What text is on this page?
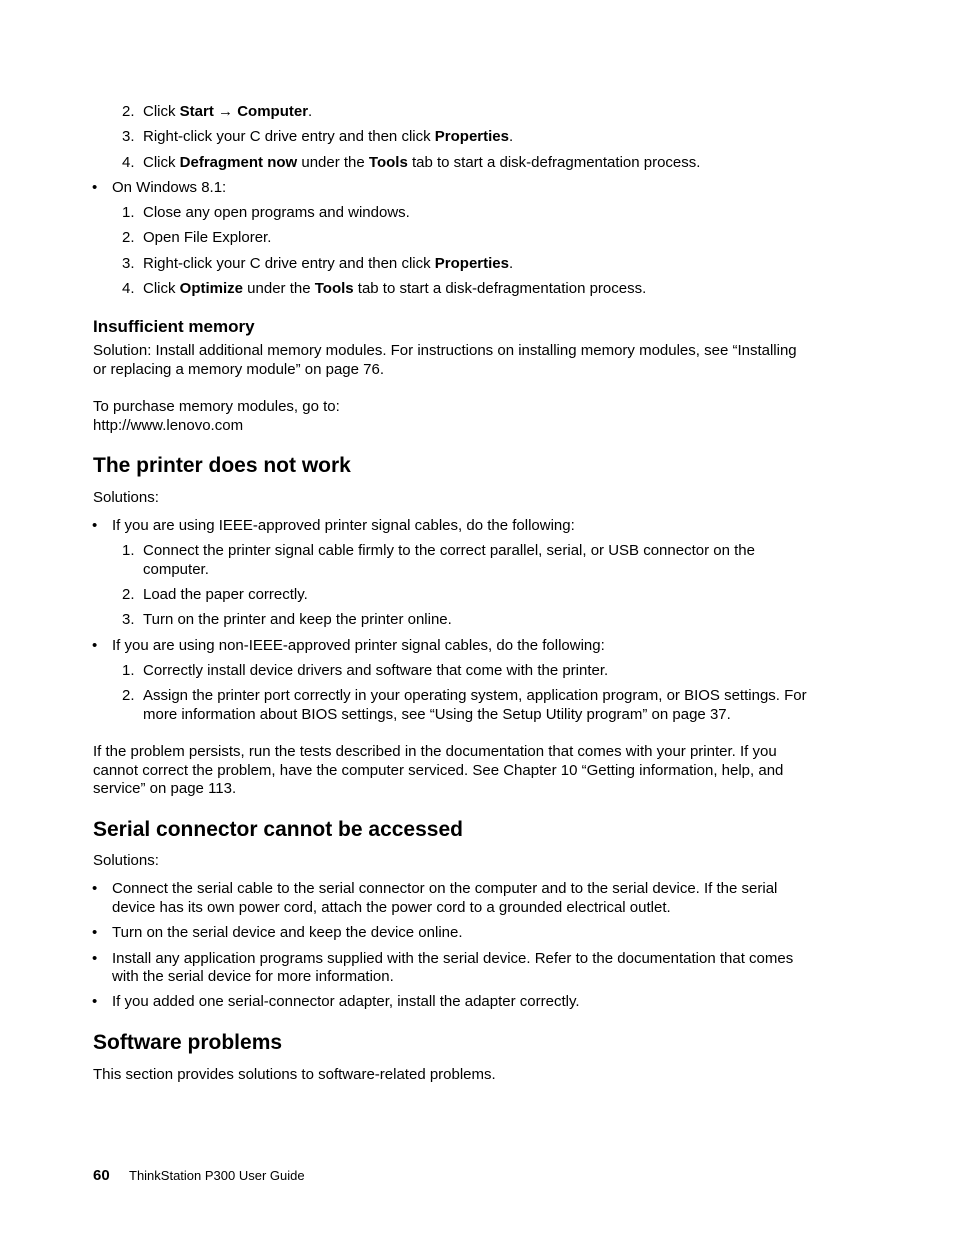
2. Click Start → Computer.
3. Right-click your C drive entry and then click Properties.
4. Click Defragment now under the Tools tab to start a disk-defragmentation process.
• On Windows 8.1:
1. Close any open programs and windows.
2. Open File Explorer.
3. Right-click your C drive entry and then click Properties.
4. Click Optimize under the Tools tab to start a disk-defragmentation process.
Insufficient memory
Solution: Install additional memory modules. For instructions on installing memory modules, see “Installing
or replacing a memory module” on page 76.
To purchase memory modules, go to:
http://www.lenovo.com
The printer does not work
Solutions:
• If you are using IEEE-approved printer signal cables, do the following:
1. Connect the printer signal cable firmly to the correct parallel, serial, or USB connector on the
computer.
2. Load the paper correctly.
3. Turn on the printer and keep the printer online.
• If you are using non-IEEE-approved printer signal cables, do the following:
1. Correctly install device drivers and software that come with the printer.
2. Assign the printer port correctly in your operating system, application program, or BIOS settings. For
more information about BIOS settings, see “Using the Setup Utility program” on page 37.
If the problem persists, run the tests described in the documentation that comes with your printer. If you
cannot correct the problem, have the computer serviced. See Chapter 10 “Getting information, help, and
service” on page 113.
Serial connector cannot be accessed
Solutions:
• Connect the serial cable to the serial connector on the computer and to the serial device. If the serial
device has its own power cord, attach the power cord to a grounded electrical outlet.
• Turn on the serial device and keep the device online.
• Install any application programs supplied with the serial device. Refer to the documentation that comes
with the serial device for more information.
• If you added one serial-connector adapter, install the adapter correctly.
Software problems
This section provides solutions to software-related problems.
60 ThinkStation P300 User Guide
